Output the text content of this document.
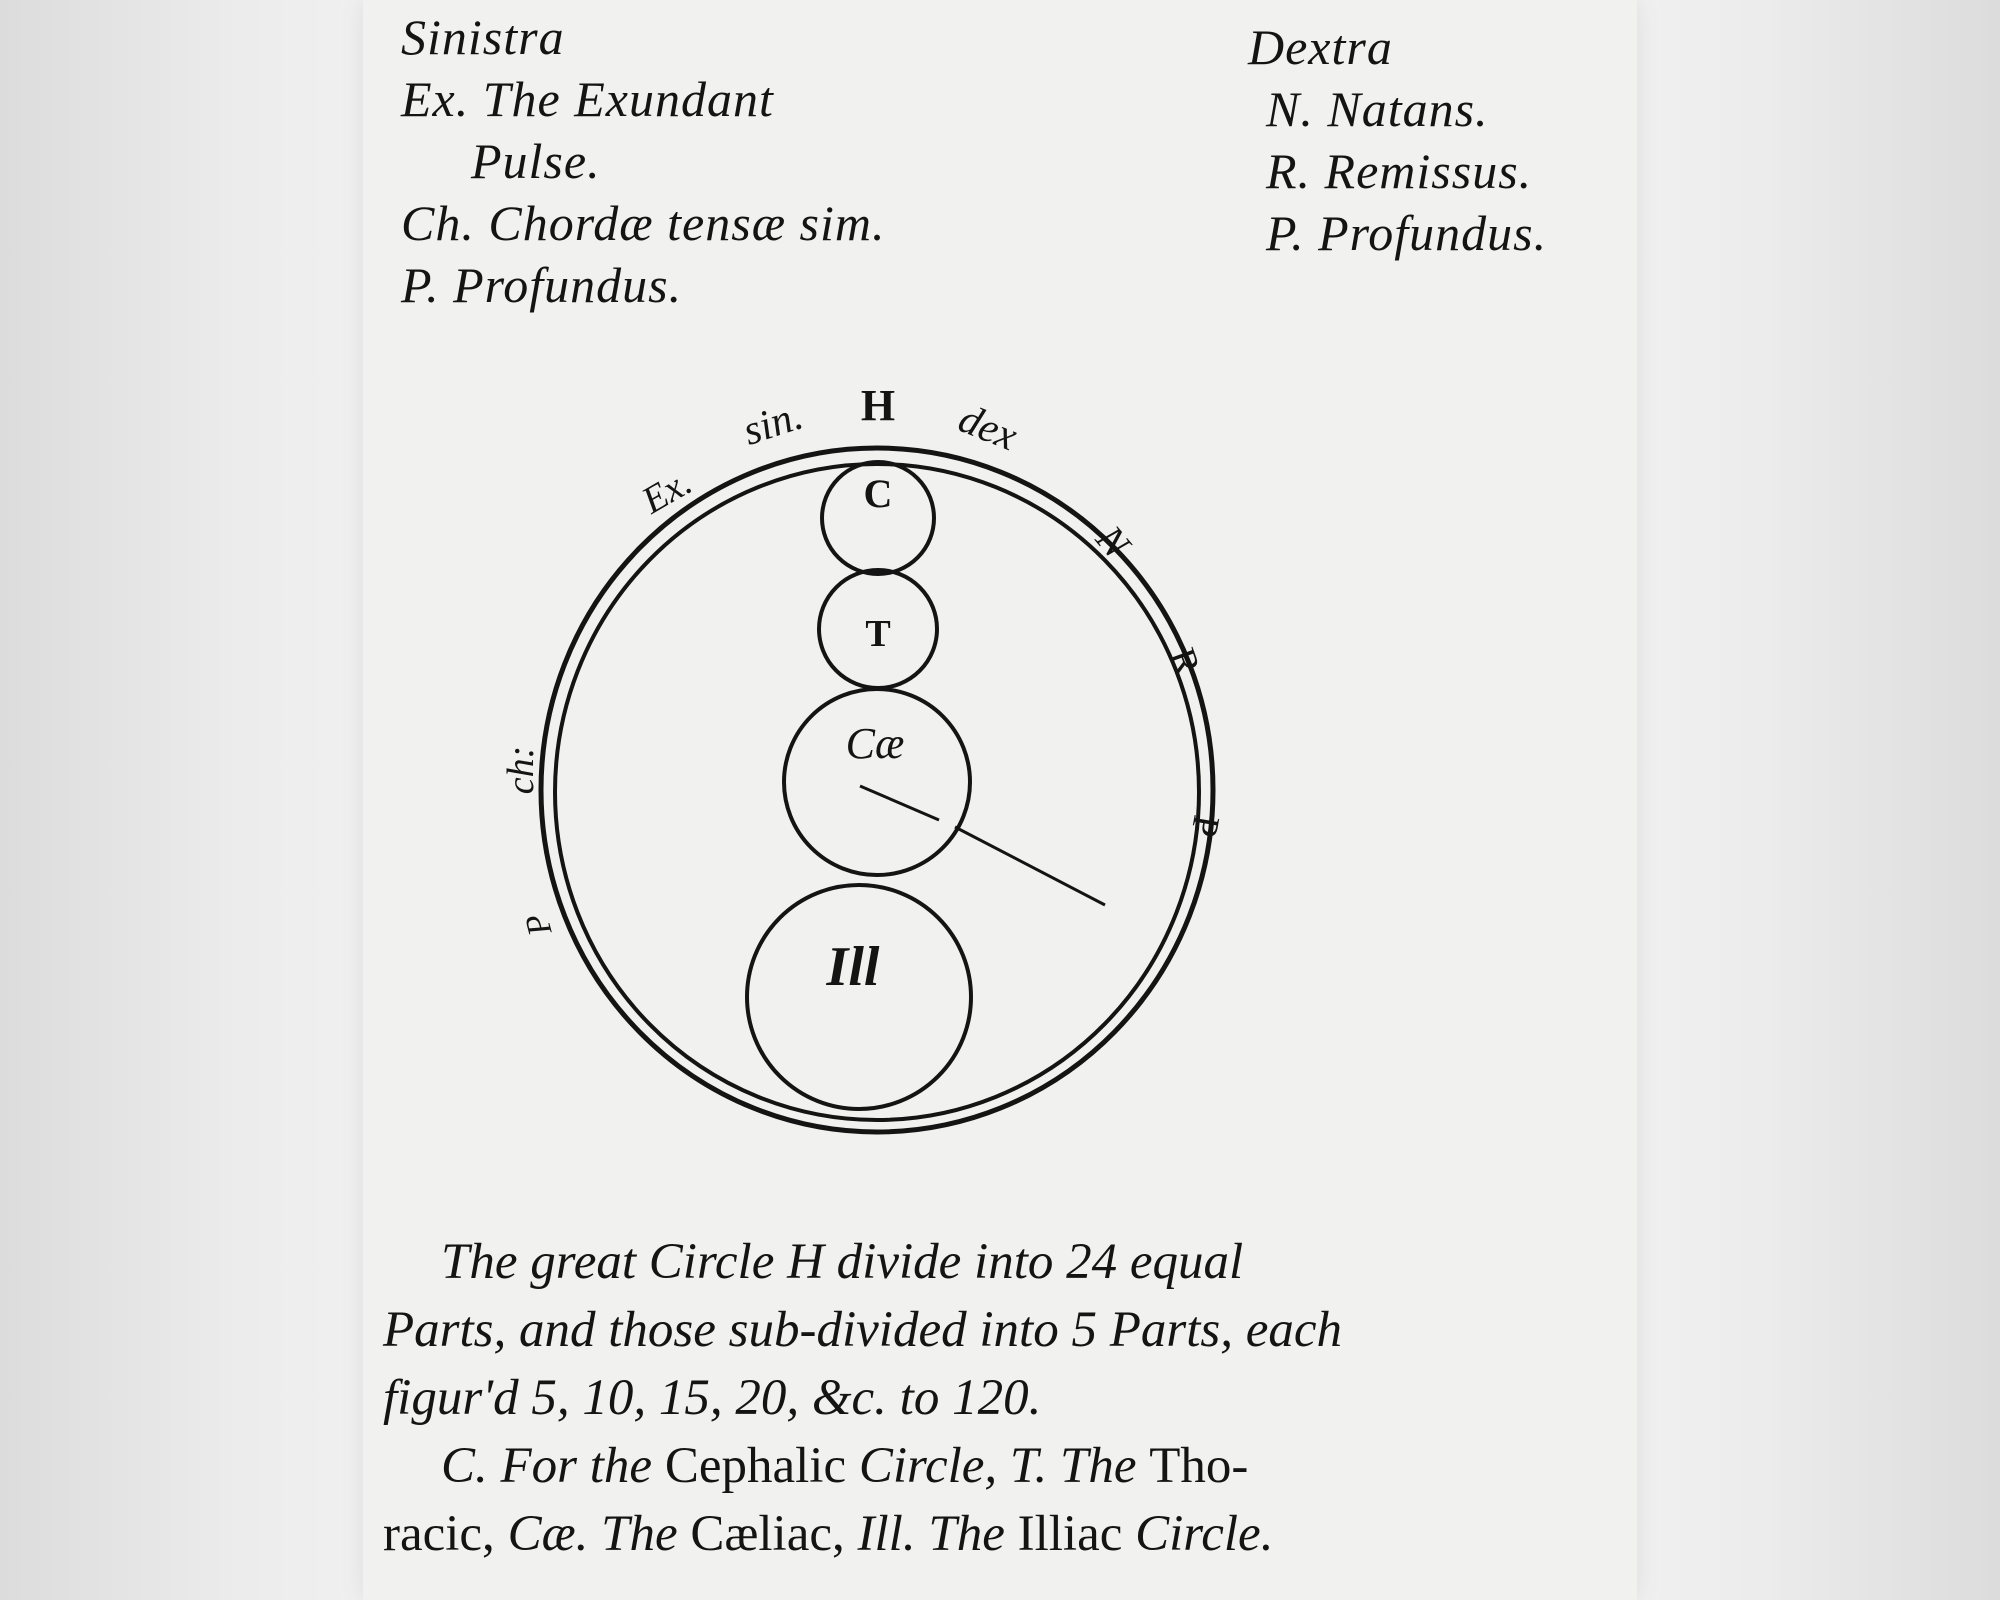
Sinistra
Ex. The Exundant
Pulse.
Ch. Chordæ tensæ sim.
P. Profundus.
Dextra
N. Natans.
R. Remissus.
P. Profundus.
C
T
Cæ
Ill
H
sin.	dex
Ex.
ch:
P
N
R
P
The great Circle H divide into 24 equal
Parts, and those sub-divided into 5 Parts, each
figur'd 5, 10, 15, 20, &c. to 120.
C. For the Cephalic Circle, T. The Tho-
racic, Cæ. The Cæliac, Ill. The Illiac Circle.
